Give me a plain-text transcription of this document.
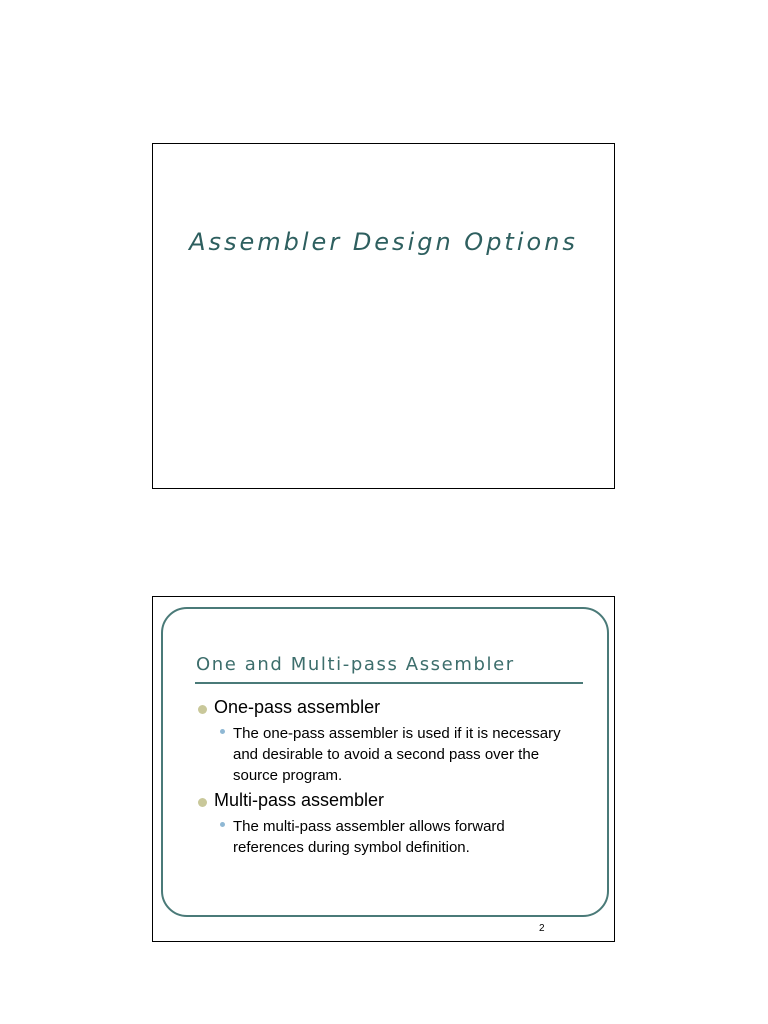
Assembler Design Options
One and Multi-pass Assembler
One-pass assembler
The one-pass assembler is used if it is necessary and desirable to avoid a second pass over the source program.
Multi-pass assembler
The multi-pass assembler allows forward references during symbol definition.
2
